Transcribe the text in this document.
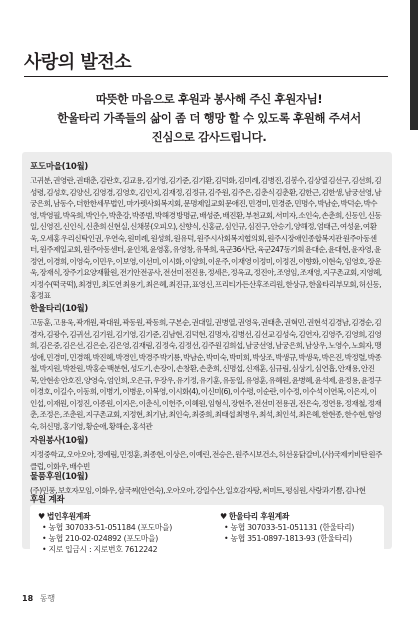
사랑의 발전소
따뜻한 마음으로 후원과 봉사해 주신 후원자님!
한울타리 가족들의 삶이 좀 더 행망 할 수 있도록 후원해 주셔서
진심으로 감사드립니다.
포도마을(10월)

고귀분, 권영란, 권태춘, 김란호, 김교용, 김기영, 김기준, 김기환, 김덕화, 김미례, 김병진, 김봉수, 김상열 김선구, 김선희, 김성령, 김성호, 김양신, 김영경, 김영호, 김인지, 김재정, 김정규, 김주원, 김주은, 김춘식 김춘환, 김한근, 김한생, 남궁선영, 남궁은희, 남동수, 더한한세무법인, 마가렛사회복지회, 문명제일교회 문애진, 민경미, 민경준, 민명수, 박남순, 박덕순, 박수영, 박영필, 박옥희, 박인수, 박춘강, 박종범, 박해경 방명균, 배성준, 배진환, 부천교회, 서미자, 소인숙, 손춘희, 신동인, 신동일, 신영진, 신인식, 신춘희 신현실, 신채봉(오피오), 신향식, 신홍균, 심인규, 심진구, 안승기, 양해정, 엄태근, 여성윤, 여환욱, 오세홍 우리신탁인권, 우연숙, 원미례, 원성희, 원유덕, 원주시사회복지협의회, 원주시장애인종합복지관 원주아동센터, 원주제일교회, 원주아동센터, 윤인채, 윤영홍, 유영창, 유복희, 육군36사단, 육군247동기회 윤대순, 윤대현, 윤자영, 윤정연, 이경희, 이영숙, 이민우, 이보영, 이선미, 이시화, 이양희, 이운주, 이재영 이정미, 이정진, 이향화, 이현숙, 임영호, 장운욱, 장재식, 장주기요양재활원, 전기안전공사, 전선미 전진용, 정세은, 정옥교, 정진아, 조영임, 조재영, 지구촌교회, 지영헤, 지정수(떡국떡), 최경민, 최도연 최용기, 최은혜, 최진규, 표영신, 프리티가든산후조리원, 한상규, 한울타리부모회, 허신동, 홍정표

한울타리(10월)

고동훈, 고용욱, 곽개원, 곽대원, 곽동원, 곽동희, 구본순, 권대일, 권병열, 권영욱, 권태춘, 권혁민, 권현석 김경남, 김경순, 김경자, 김광수, 김귀선, 김기원, 김기영, 김기준, 김남현, 김덕현, 김명자, 김병선, 김선교 김성숙, 김연자, 김영주, 김영희, 김영희, 김은중, 김은선, 김은순, 김은영, 김재림, 김정숙, 김정선, 김주원 김희섭, 남궁선영, 남궁은희, 남상우, 노영수, 노회자, 맹성애, 민경미, 민경해, 박진혜, 박경인, 박경주 박기룡, 박남순, 박미숙, 박미희, 박상조, 박생규, 박생욱, 박은진, 박정렬, 박종철, 박지원, 박찬원, 박홍순 백분현, 성도기, 손장이, 손창환, 손춘희, 신명섭, 신재훈, 심규림, 심상기, 심연흡, 안재용, 안진묵, 안현송 안호진, 양영숙, 엄인희, 오은규, 우장우, 유기정, 유기훈, 유동일, 유영훈, 유혜원, 윤병혜, 윤석제, 윤정용, 윤정구 이경호, 이길수, 이동희, 이병기, 이병운, 이복영, 이시화(4), 이신미(6), 이수령, 이순란, 이수정, 이수석 이연복, 이은지, 이인섭, 이재원, 이정진, 이종원, 이지은, 이춘식, 이헌주, 이혜원, 임형식, 장현주, 전선미 전용권, 전은숙, 정연용, 정재철, 정재춘, 조정은, 조춘원, 지구촌교회, 지정현, 최기남, 최인숙, 최중희, 최태섭 최병우, 최석, 최인석, 최은혜, 한현종, 한수현, 함영숙, 허신명, 홍기영, 황순애, 황해순, 홍석관

자원봉사(10월)

지정중학교, 오아오아, 정예림, 민정훈, 최종현, 이상은, 이예린, 전승은, 원주시보건소, 허선웅닭갈비, (사)국제키비탄 원주클럽, 이화우, 배수빈

물품후원(10월)

(주)민풍, 보호자모임, 이화우, 삼국찌(안연숙), 오아오아, 강일수산, 일호감자탕, 써미트, 평심원, 사랑과기쁨, 김나현

후원 계좌
♥ 법인후원계좌
• 농협 307033-51-051184 (포도마을)
• 농협 210-02-024892 (포도마을)
• 지로 입금시 : 지로번호 7612242
♥ 한울타리 후원계좌
• 농협 307033-51-051131 (한울타리)
• 농협 351-0897-1813-93 (한울타리)
18 동행
